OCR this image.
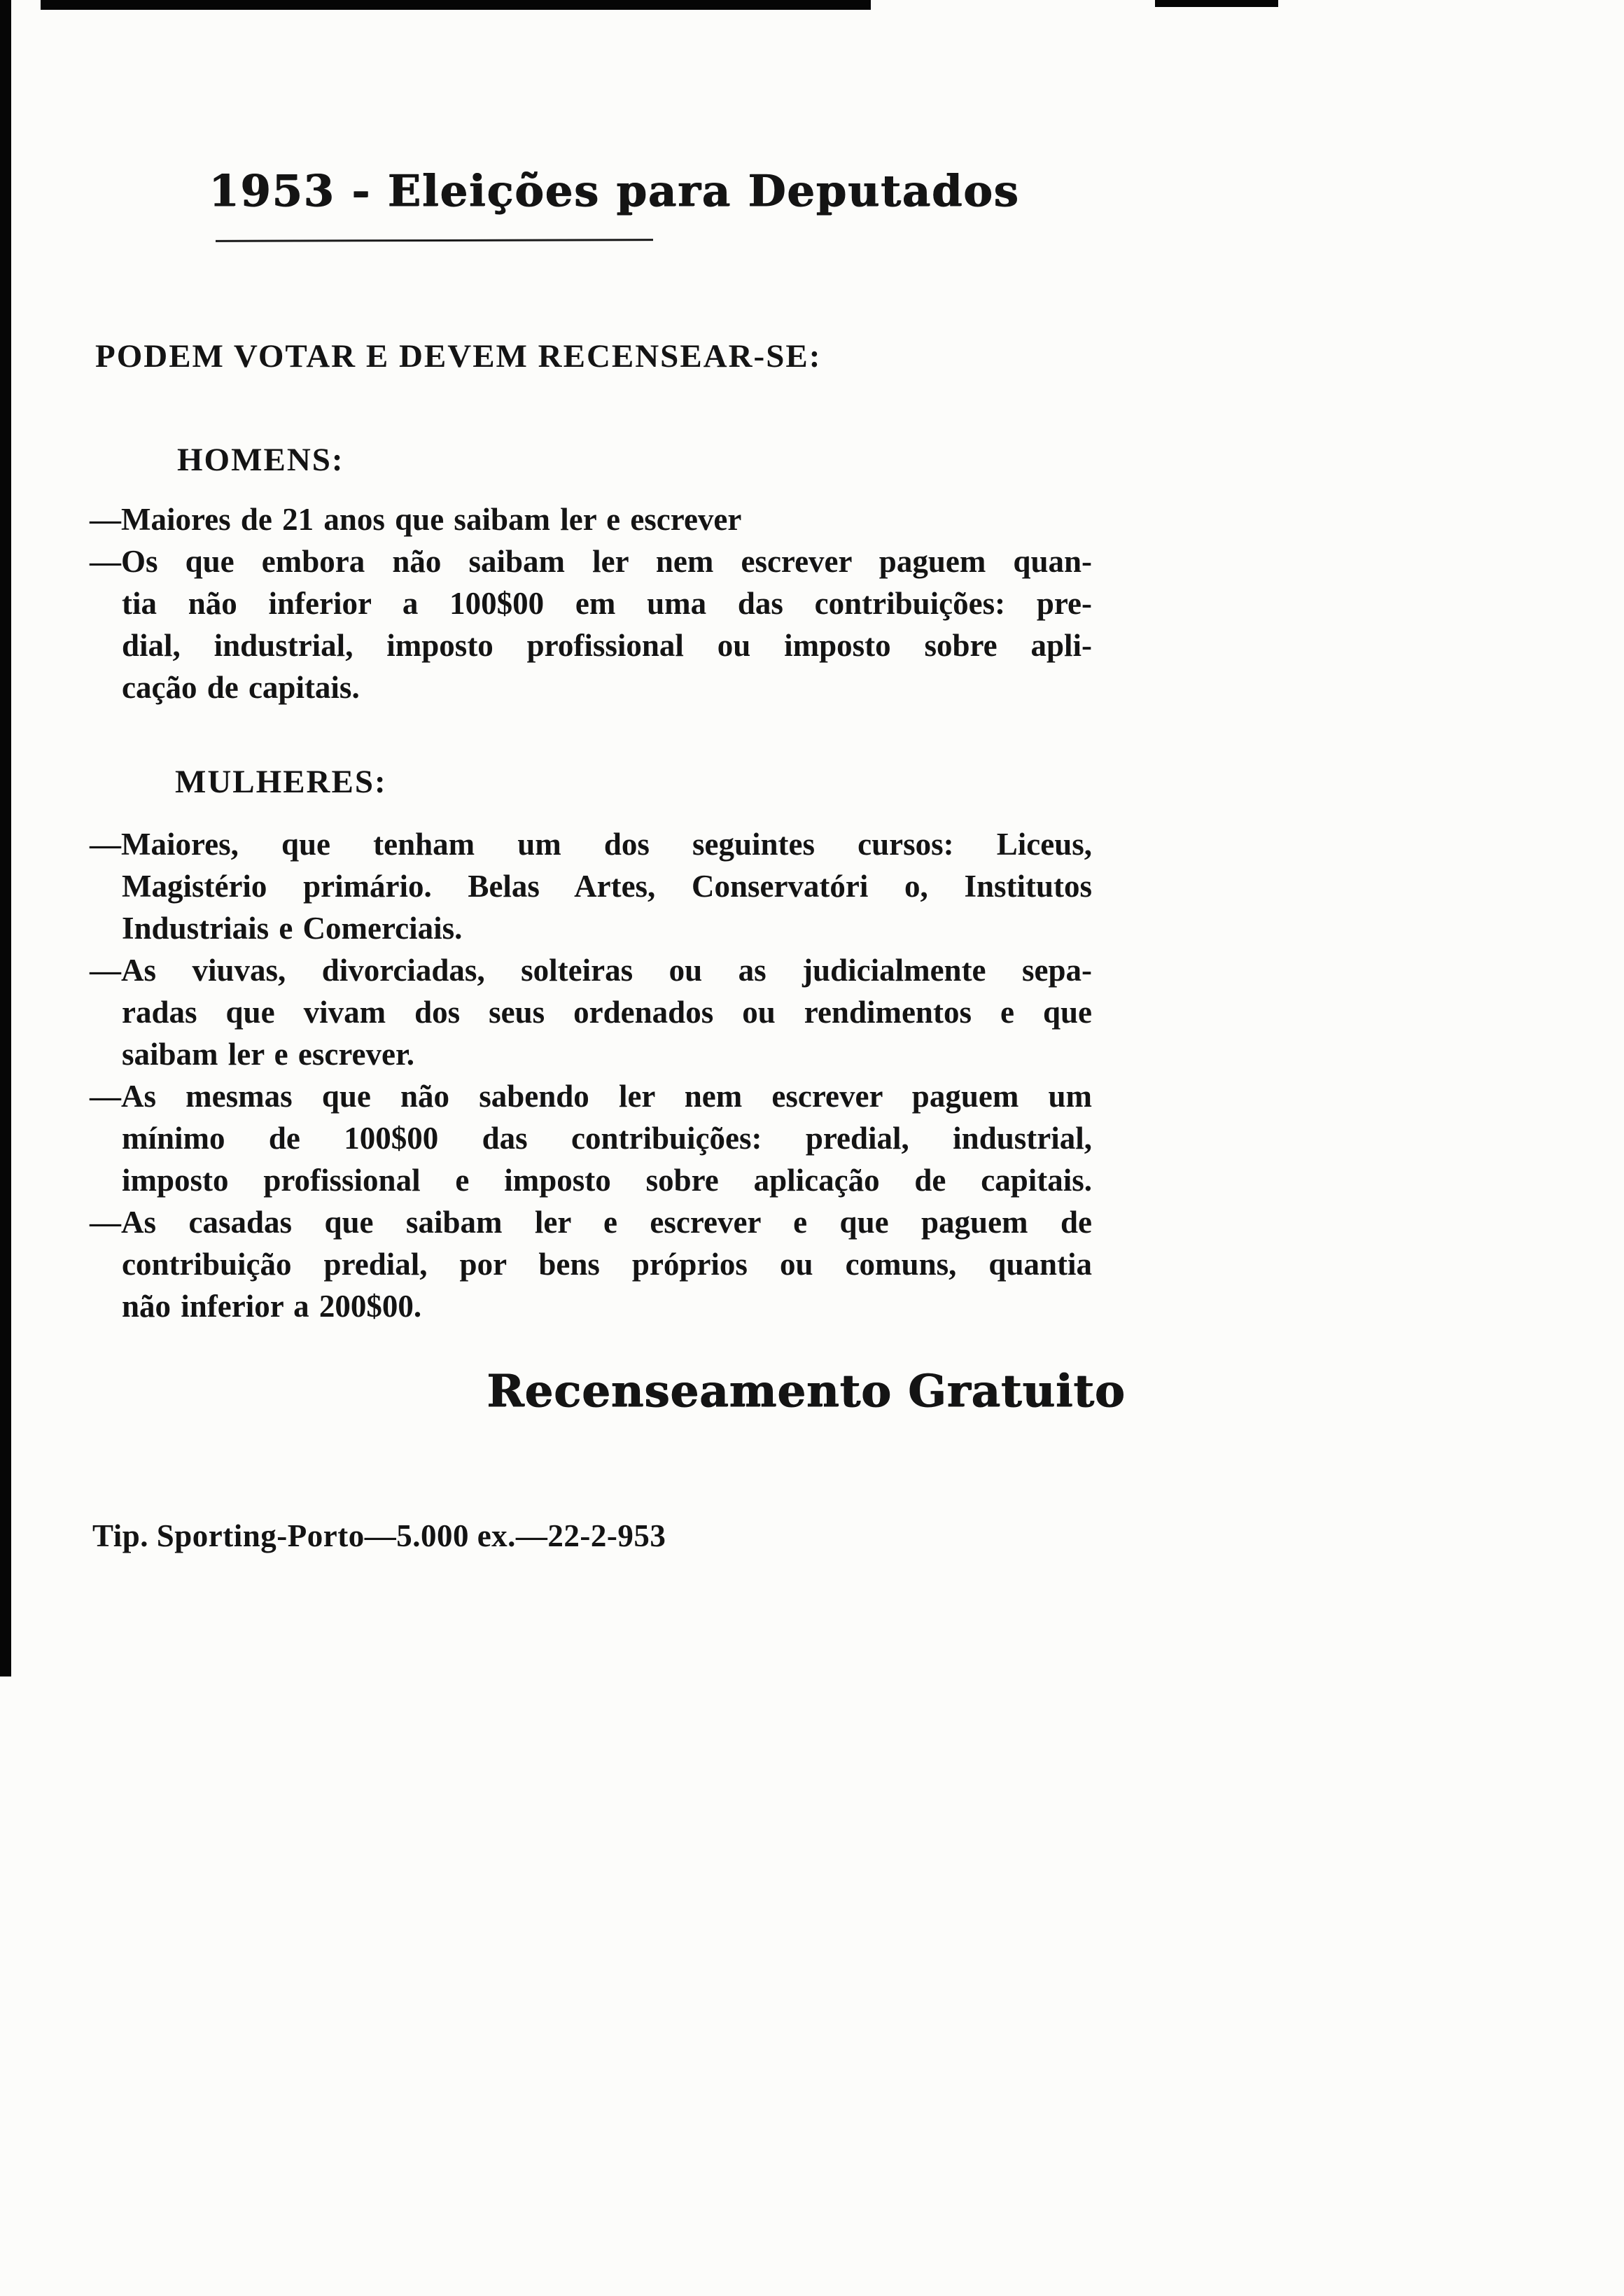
1953 - Eleições para Deputados
PODEM VOTAR E DEVEM RECENSEAR-SE:
HOMENS:
—Maiores de 21 anos que saibam ler e escrever
—Os que embora não saibam ler nem escrever paguem quan-
tia não inferior a 100$00 em uma das contribuições: pre-
dial, industrial, imposto profissional ou imposto sobre apli-
cação de capitais.
MULHERES:
—Maiores, que tenham um dos seguintes cursos: Liceus,
Magistério primário. Belas Artes, Conservatóri o, Institutos
Industriais e Comerciais.
—As viuvas, divorciadas, solteiras ou as judicialmente sepa-
radas que vivam dos seus ordenados ou rendimentos e que
saibam ler e escrever.
—As mesmas que não sabendo ler nem escrever paguem um
mínimo de 100$00 das contribuições: predial, industrial,
imposto profissional e imposto sobre aplicação de capitais.
—As casadas que saibam ler e escrever e que paguem de
contribuição predial, por bens próprios ou comuns, quantia
não inferior a 200$00.
Recenseamento Gratuito
Tip. Sporting-Porto—5.000 ex.—22-2-953
